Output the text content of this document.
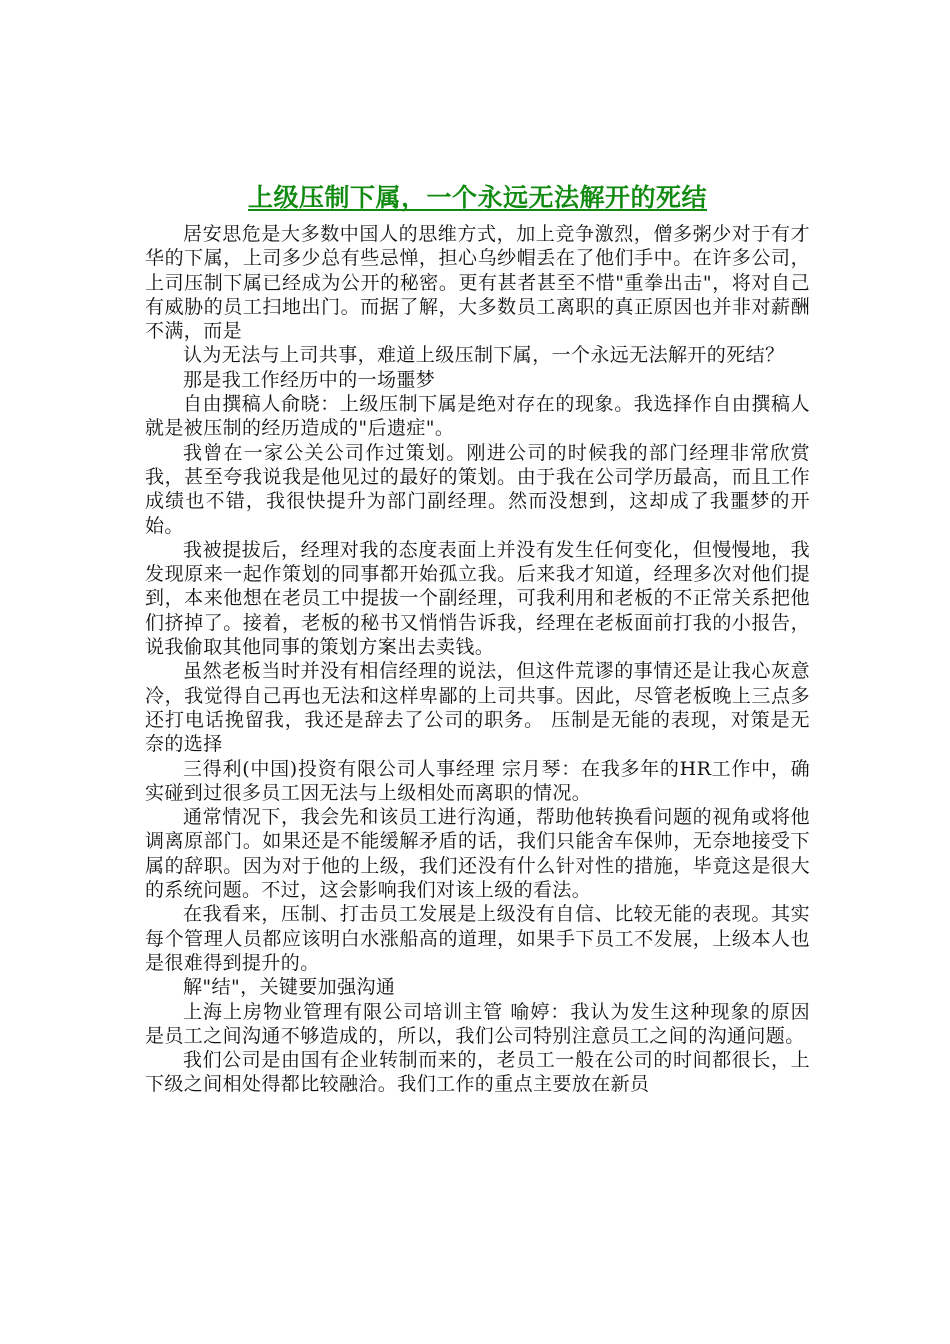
上级压制下属，一个永远无法解开的死结

居安思危是大多数中国人的思维方式，加上竞争激烈，僧多粥少对于有才华的下属，上司多少总有些忌惮，担心乌纱帽丢在了他们手中。在许多公司，上司压制下属已经成为公开的秘密。更有甚者甚至不惜"重拳出击"，将对自己有威胁的员工扫地出门。而据了解，大多数员工离职的真正原因也并非对薪酬不满，而是

认为无法与上司共事，难道上级压制下属，一个永远无法解开的死结？

那是我工作经历中的一场噩梦

自由撰稿人俞晓：上级压制下属是绝对存在的现象。我选择作自由撰稿人就是被压制的经历造成的"后遗症"。

我曾在一家公关公司作过策划。刚进公司的时候我的部门经理非常欣赏我，甚至夸我说我是他见过的最好的策划。由于我在公司学历最高，而且工作成绩也不错，我很快提升为部门副经理。然而没想到，这却成了我噩梦的开始。

我被提拔后，经理对我的态度表面上并没有发生任何变化，但慢慢地，我发现原来一起作策划的同事都开始孤立我。后来我才知道，经理多次对他们提到，本来他想在老员工中提拔一个副经理，可我利用和老板的不正常关系把他们挤掉了。接着，老板的秘书又悄悄告诉我，经理在老板面前打我的小报告，说我偷取其他同事的策划方案出去卖钱。

虽然老板当时并没有相信经理的说法，但这件荒谬的事情还是让我心灰意冷，我觉得自己再也无法和这样卑鄙的上司共事。因此，尽管老板晚上三点多还打电话挽留我，我还是辞去了公司的职务。 压制是无能的表现，对策是无奈的选择

三得利(中国)投资有限公司人事经理 宗月琴：在我多年的HR工作中，确实碰到过很多员工因无法与上级相处而离职的情况。

通常情况下，我会先和该员工进行沟通，帮助他转换看问题的视角或将他调离原部门。如果还是不能缓解矛盾的话，我们只能舍车保帅，无奈地接受下属的辞职。因为对于他的上级，我们还没有什么针对性的措施，毕竟这是很大的系统问题。不过，这会影响我们对该上级的看法。

在我看来，压制、打击员工发展是上级没有自信、比较无能的表现。其实每个管理人员都应该明白水涨船高的道理，如果手下员工不发展，上级本人也是很难得到提升的。

解"结"，关键要加强沟通

上海上房物业管理有限公司培训主管 喻婷：我认为发生这种现象的原因是员工之间沟通不够造成的，所以，我们公司特别注意员工之间的沟通问题。

我们公司是由国有企业转制而来的，老员工一般在公司的时间都很长，上下级之间相处得都比较融洽。我们工作的重点主要放在新员
